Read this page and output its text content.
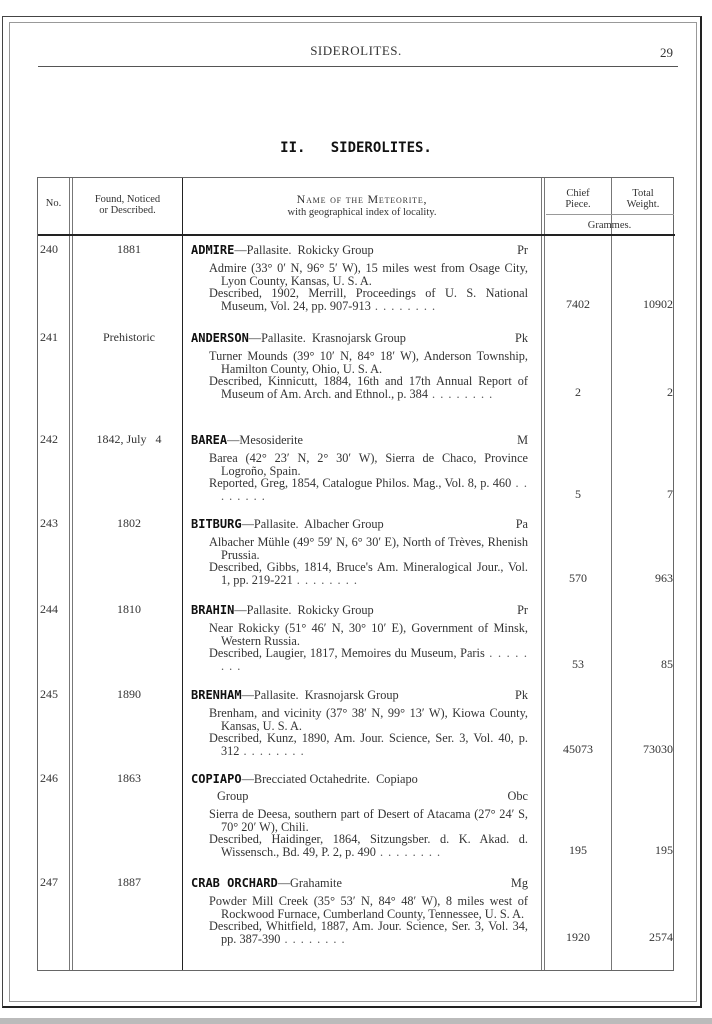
SIDEROLITES.	29
II.   SIDEROLITES.
No.	Found, Noticed
or Described.
Name of the Meteorite,
with geographical index of locality.
Chief
Piece.
Total
Weight.
Grammes.
240	1881	ADMIRE—Pallasite.  Rokicky Group	Pr

Admire (33° 0′ N, 96° 5′ W), 15 miles west from Osage City, Lyon County, Kansas, U. S. A.

Described, 1902, Merrill, Proceedings of U. S. National Museum, Vol. 24, pp. 907-913 . . . . . . . .	7402	10902
241	Prehistoric	ANDERSON—Pallasite.  Krasnojarsk Group	Pk

Turner Mounds (39° 10′ N, 84° 18′ W), Anderson Township, Hamilton County, Ohio, U. S. A.

Described, Kinnicutt, 1884, 16th and 17th Annual Report of Museum of Am. Arch. and Ethnol., p. 384 . . . . . . . .	2	2
242	1842, July   4	BAREA—Mesosiderite	M

Barea (42° 23′ N, 2° 30′ W), Sierra de Chaco, Province Logroño, Spain.

Reported, Greg, 1854, Catalogue Philos. Mag., Vol. 8, p. 460 . . . . . . . .	5	7
243	1802	BITBURG—Pallasite.  Albacher Group	Pa

Albacher Mühle (49° 59′ N, 6° 30′ E), North of Trèves, Rhenish Prussia.

Described, Gibbs, 1814, Bruce's Am. Mineralogical Jour., Vol. 1, pp. 219-221 . . . . . . . .	570	963
244	1810	BRAHIN—Pallasite.  Rokicky Group	Pr

Near Rokicky (51° 46′ N, 30° 10′ E), Government of Minsk, Western Russia.

Described, Laugier, 1817, Memoires du Museum, Paris . . . . . . . .	53	85
245	1890	BRENHAM—Pallasite.  Krasnojarsk Group	Pk

Brenham, and vicinity (37° 38′ N, 99° 13′ W), Kiowa County, Kansas, U. S. A.

Described, Kunz, 1890, Am. Jour. Science, Ser. 3, Vol. 40, p. 312 . . . . . . . .	45073	73030
246	1863	COPIAPO—Brecciated Octahedrite.  Copiapo
Group	Obc

Sierra de Deesa, southern part of Desert of Atacama (27° 24′ S, 70° 20′ W), Chili.

Described, Haidinger, 1864, Sitzungsber. d. K. Akad. d. Wissensch., Bd. 49, P. 2, p. 490 . . . . . . . .	195	195
247	1887	CRAB ORCHARD—Grahamite	Mg

Powder Mill Creek (35° 53′ N, 84° 48′ W), 8 miles west of Rockwood Furnace, Cumberland County, Tennessee, U. S. A.

Described, Whitfield, 1887, Am. Jour. Science, Ser. 3, Vol. 34, pp. 387-390 . . . . . . . .	1920	2574
